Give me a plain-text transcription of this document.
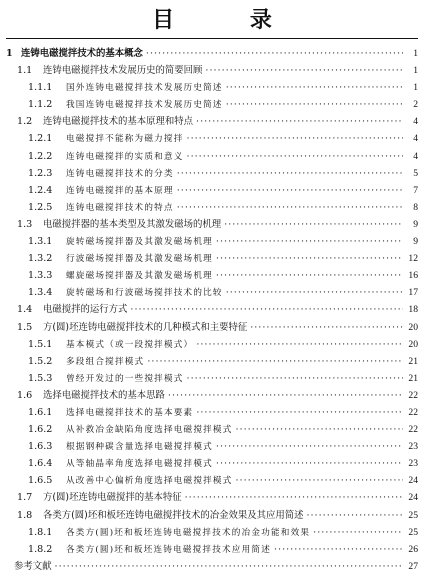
目 录
1 连铸电磁搅拌技术的基本概念 ·····	1
1.1	连铸电磁搅拌技术发展历史的简要回顾 ·····	1
1.1.1	国外连铸电磁搅拌技术发展历史简述 ·····	1
1.1.2	我国连铸电磁搅拌技术发展历史简述 ·····	2
1.2	连铸电磁搅拌技术的基本原理和特点 ·····	4
1.2.1	电磁搅拌不能称为磁力搅拌 ·····	4
1.2.2	连铸电磁搅拌的实质和意义 ·····	4
1.2.3	连铸电磁搅拌技术的分类 ·····	5
1.2.4	连铸电磁搅拌的基本原理 ·····	7
1.2.5	连铸电磁搅拌技术的特点 ·····	8
1.3	电磁搅拌器的基本类型及其激发磁场的机理 ·····	9
1.3.1	旋转磁场搅拌器及其激发磁场机理 ·····	9
1.3.2	行波磁场搅拌器及其激发磁场机理 ·····	12
1.3.3	螺旋磁场搅拌器及其激发磁场机理 ·····	16
1.3.4	旋转磁场和行波磁场搅拌技术的比较 ·····	17
1.4	电磁搅拌的运行方式 ·····	18
1.5	方(圆)坯连铸电磁搅拌技术的几种模式和主要特征 ·····	20
1.5.1	基本模式（或一段搅拌模式） ·····	20
1.5.2	多段组合搅拌模式 ·····	21
1.5.3	曾经开发过的一些搅拌模式 ·····	21
1.6	选择电磁搅拌技术的基本思路 ·····	22
1.6.1	选择电磁搅拌技术的基本要素 ·····	22
1.6.2	从补救冶金缺陷角度选择电磁搅拌模式 ·····	22
1.6.3	根据钢种碳含量选择电磁搅拌模式 ·····	23
1.6.4	从等轴晶率角度选择电磁搅拌模式 ·····	23
1.6.5	从改善中心偏析角度选择电磁搅拌模式 ·····	24
1.7	方(圆)坯连铸电磁搅拌的基本特征 ·····	24
1.8	各类方(圆)坯和板坯连铸电磁搅拌技术的冶金效果及其应用简述 ·····	25
1.8.1	各类方(圆)坯和板坯连铸电磁搅拌技术的冶金功能和效果 ·····	25
1.8.2	各类方(圆)坯和板坯连铸电磁搅拌技术应用简述 ·····	26
参考文献 ·····	27
